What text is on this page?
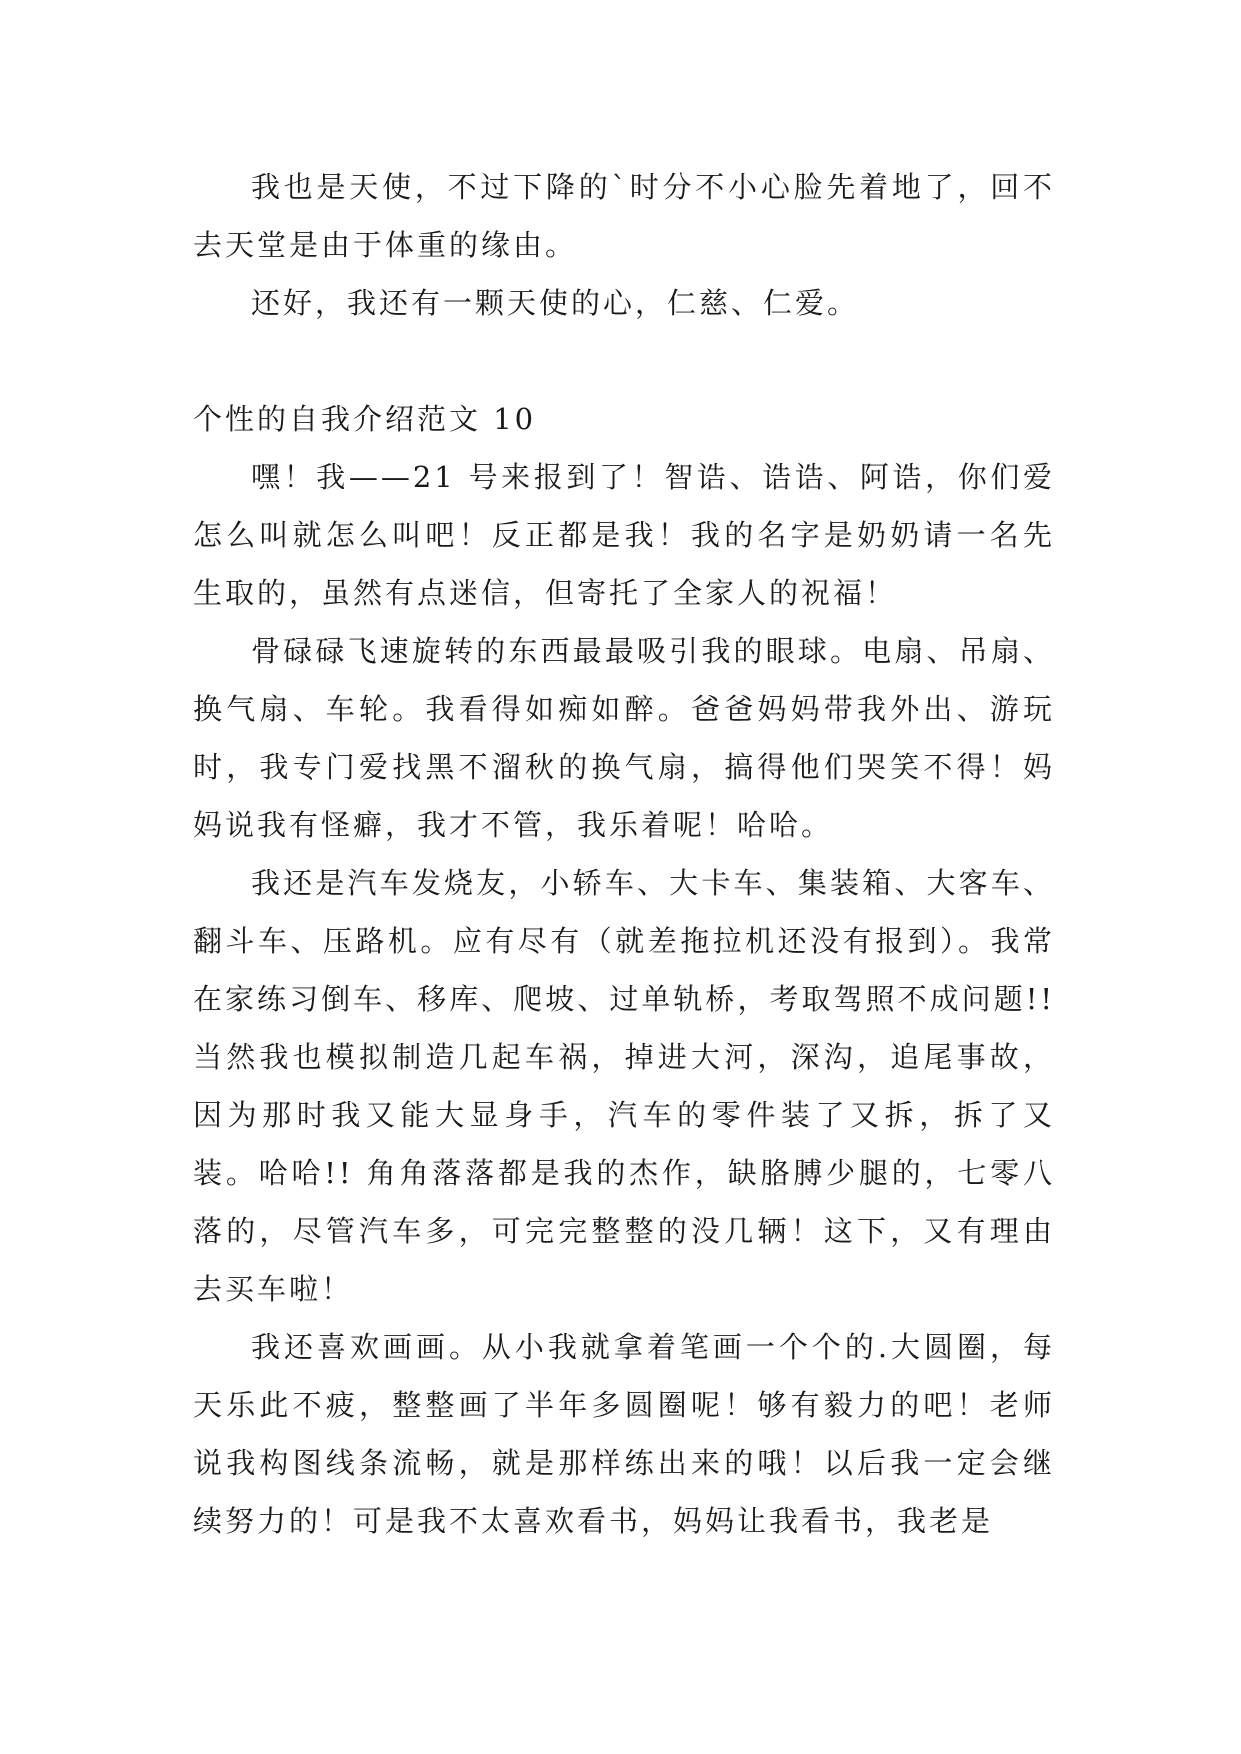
我也是天使，不过下降的`时分不小心脸先着地了，回不去天堂是由于体重的缘由。

还好，我还有一颗天使的心，仁慈、仁爱。

个性的自我介绍范文 10

嘿！我——21 号来报到了！智诰、诰诰、阿诰，你们爱怎么叫就怎么叫吧！反正都是我！我的名字是奶奶请一名先生取的，虽然有点迷信，但寄托了全家人的祝福！

骨碌碌飞速旋转的东西最最吸引我的眼球。电扇、吊扇、换气扇、车轮。我看得如痴如醉。爸爸妈妈带我外出、游玩时，我专门爱找黑不溜秋的换气扇，搞得他们哭笑不得！妈妈说我有怪癖，我才不管，我乐着呢！哈哈。

我还是汽车发烧友，小轿车、大卡车、集装箱、大客车、翻斗车、压路机。应有尽有（就差拖拉机还没有报到）。我常在家练习倒车、移库、爬坡、过单轨桥，考取驾照不成问题!! 当然我也模拟制造几起车祸，掉进大河，深沟，追尾事故，因为那时我又能大显身手，汽车的零件装了又拆，拆了又装。哈哈!! 角角落落都是我的杰作，缺胳膊少腿的，七零八落的，尽管汽车多，可完完整整的没几辆！这下，又有理由去买车啦！

我还喜欢画画。从小我就拿着笔画一个个的.大圆圈，每天乐此不疲，整整画了半年多圆圈呢！够有毅力的吧！老师说我构图线条流畅，就是那样练出来的哦！以后我一定会继续努力的！可是我不太喜欢看书，妈妈让我看书，我老是
